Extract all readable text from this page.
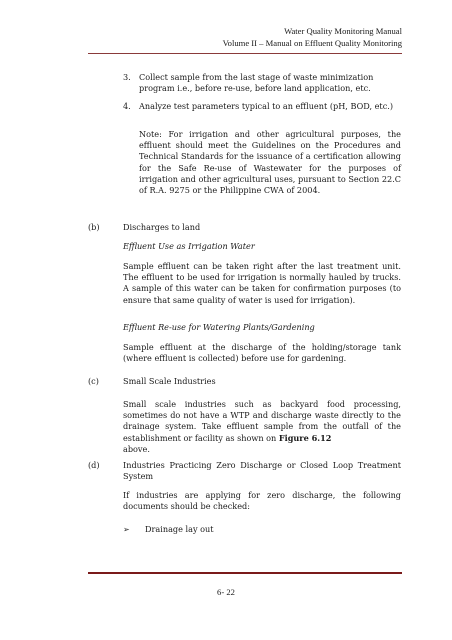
Water Quality Monitoring Manual
Volume II – Manual on Effluent Quality Monitoring
3. Collect sample from the last stage of waste minimization program i.e., before re-use, before land application, etc.
4. Analyze test parameters typical to an effluent (pH, BOD, etc.)
Note: For irrigation and other agricultural purposes, the effluent should meet the Guidelines on the Procedures and Technical Standards for the issuance of a certification allowing for the Safe Re-use of Wastewater for the purposes of irrigation and other agricultural uses, pursuant to Section 22.C of R.A. 9275 or the Philippine CWA of 2004.
(b)	Discharges to land
Effluent Use as Irrigation Water
Sample effluent can be taken right after the last treatment unit. The effluent to be used for irrigation is normally hauled by trucks. A sample of this water can be taken for confirmation purposes (to ensure that same quality of water is used for irrigation).
Effluent Re-use for Watering Plants/Gardening
Sample effluent at the discharge of the holding/storage tank (where effluent is collected) before use for gardening.
(c)	Small Scale Industries
Small scale industries such as backyard food processing, sometimes do not have a WTP and discharge waste directly to the drainage system. Take effluent sample from the outfall of the establishment or facility as shown on Figure 6.12
above.
(d)	Industries Practicing Zero Discharge or Closed Loop Treatment System
If industries are applying for zero discharge, the following documents should be checked:
➢ Drainage lay out
6- 22
